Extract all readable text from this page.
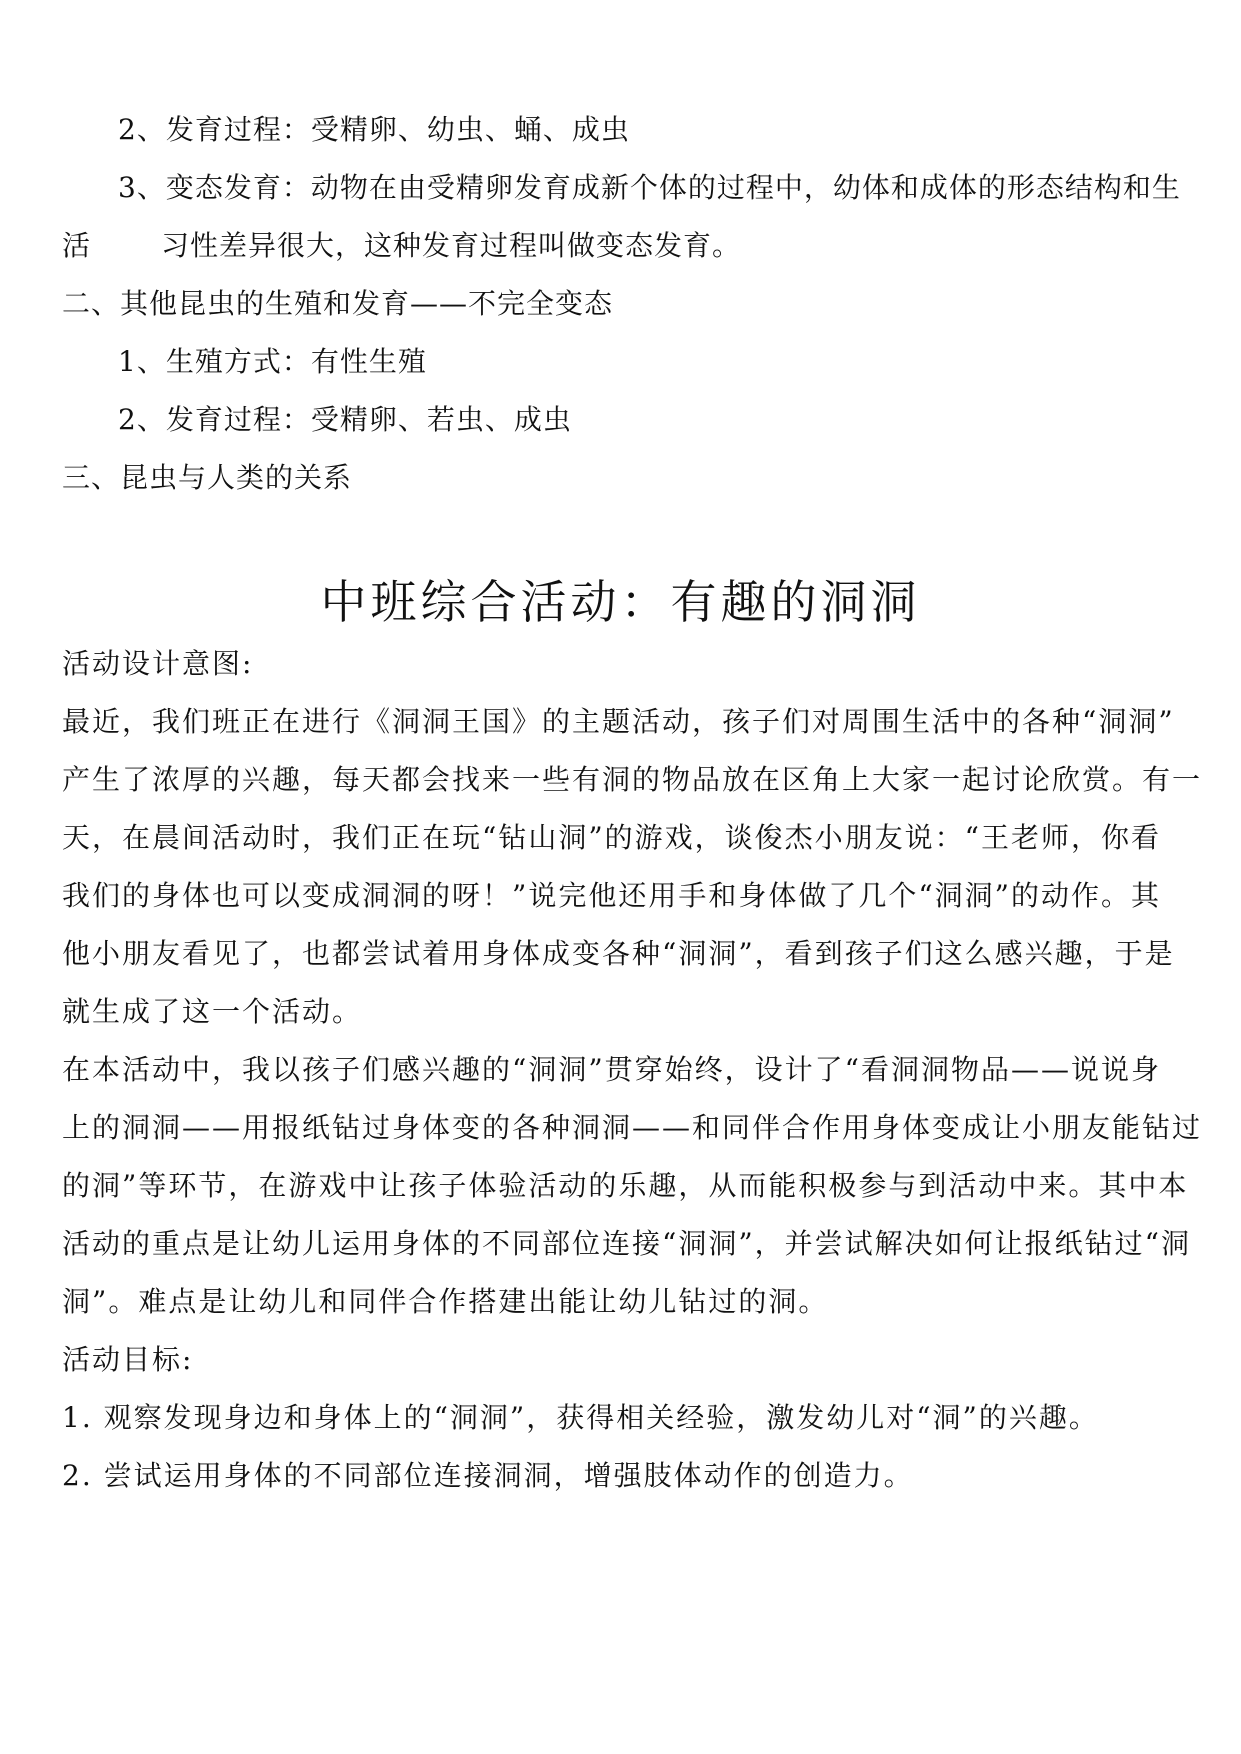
2、发育过程：受精卵、幼虫、蛹、成虫
3、变态发育：动物在由受精卵发育成新个体的过程中，幼体和成体的形态结构和生
活	习性差异很大，这种发育过程叫做变态发育。
二、其他昆虫的生殖和发育——不完全变态
1、生殖方式：有性生殖
2、发育过程：受精卵、若虫、成虫
三、昆虫与人类的关系
中班综合活动：有趣的洞洞
活动设计意图:
最近，我们班正在进行《洞洞王国》的主题活动，孩子们对周围生活中的各种“洞洞”
产生了浓厚的兴趣，每天都会找来一些有洞的物品放在区角上大家一起讨论欣赏。有一
天，在晨间活动时，我们正在玩“钻山洞”的游戏，谈俊杰小朋友说：“王老师，你看
我们的身体也可以变成洞洞的呀！”说完他还用手和身体做了几个“洞洞”的动作。其
他小朋友看见了，也都尝试着用身体成变各种“洞洞”，看到孩子们这么感兴趣，于是
就生成了这一个活动。
在本活动中，我以孩子们感兴趣的“洞洞”贯穿始终，设计了“看洞洞物品——说说身
上的洞洞——用报纸钻过身体变的各种洞洞——和同伴合作用身体变成让小朋友能钻过
的洞”等环节，在游戏中让孩子体验活动的乐趣，从而能积极参与到活动中来。其中本
活动的重点是让幼儿运用身体的不同部位连接“洞洞”，并尝试解决如何让报纸钻过“洞
洞”。难点是让幼儿和同伴合作搭建出能让幼儿钻过的洞。
活动目标:
1. 观察发现身边和身体上的“洞洞”，获得相关经验，激发幼儿对“洞”的兴趣。
2. 尝试运用身体的不同部位连接洞洞，增强肢体动作的创造力。
